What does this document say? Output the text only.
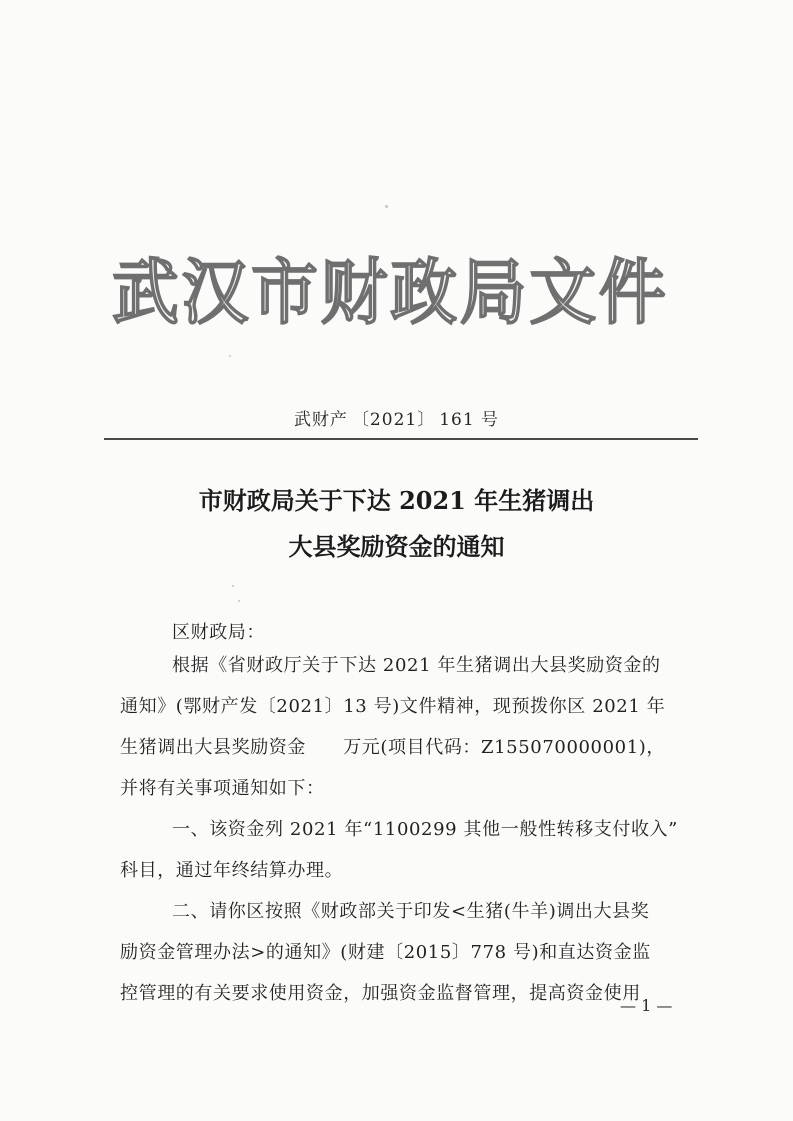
武汉市财政局文件
武财产 〔2021〕 161 号
市财政局关于下达 2021 年生猪调出
大县奖励资金的通知
区财政局：
根据《省财政厅关于下达 2021 年生猪调出大县奖励资金的
通知》(鄂财产发〔2021〕13 号)文件精神，现预拨你区 2021 年
生猪调出大县奖励资金　　万元(项目代码：Z155070000001)，
并将有关事项通知如下：
一、该资金列 2021 年“1100299 其他一般性转移支付收入”
科目，通过年终结算办理。
二、请你区按照《财政部关于印发<生猪(牛羊)调出大县奖
励资金管理办法>的通知》(财建〔2015〕778 号)和直达资金监
控管理的有关要求使用资金，加强资金监督管理，提高资金使用
— 1 —
